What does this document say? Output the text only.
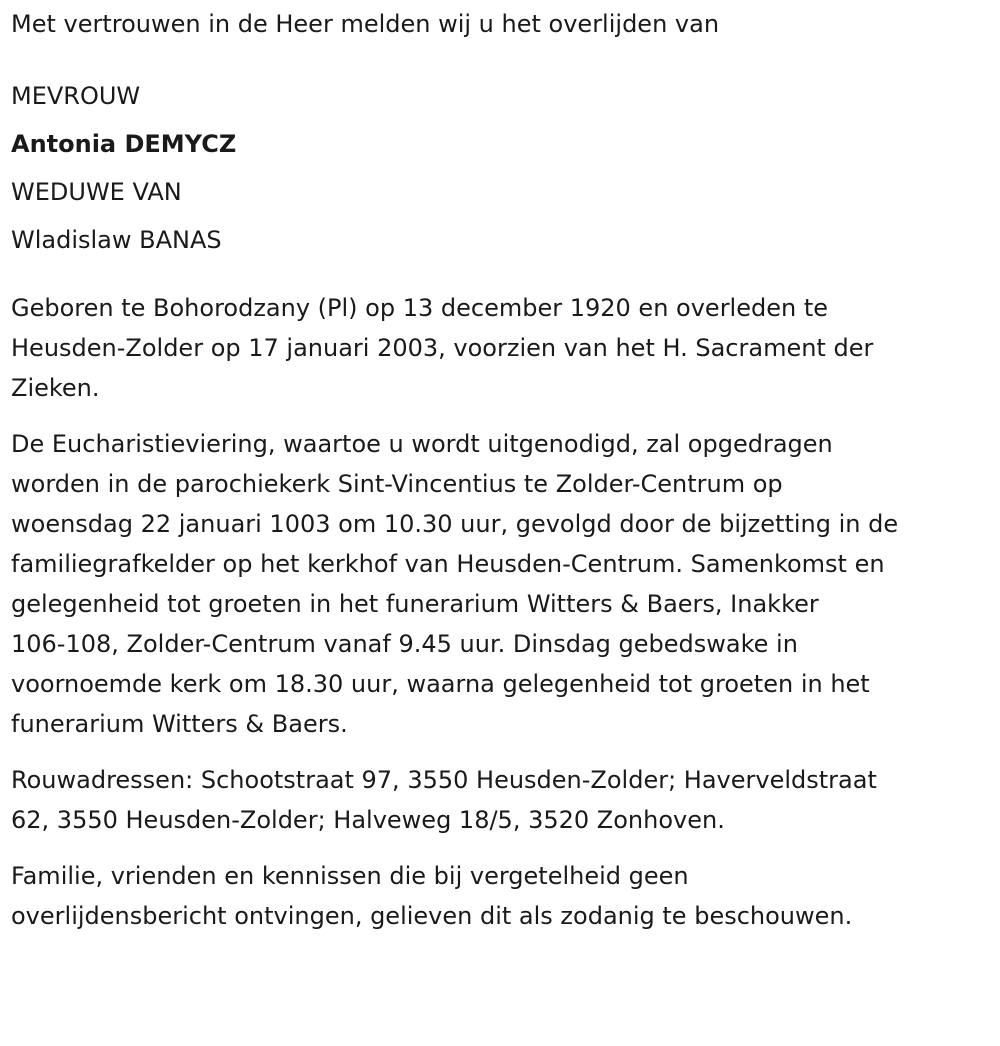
Met vertrouwen in de Heer melden wij u het overlijden van

MEVROUW

Antonia DEMYCZ

WEDUWE VAN

Wladislaw BANAS

Geboren te Bohorodzany (Pl) op 13 december 1920 en overleden te

Heusden-Zolder op 17 januari 2003, voorzien van het H. Sacrament der

Zieken.

De Eucharistieviering, waartoe u wordt uitgenodigd, zal opgedragen

worden in de parochiekerk Sint-Vincentius te Zolder-Centrum op

woensdag 22 januari 1003 om 10.30 uur, gevolgd door de bijzetting in de

familiegrafkelder op het kerkhof van Heusden-Centrum. Samenkomst en

gelegenheid tot groeten in het funerarium Witters & Baers, Inakker

106-108, Zolder-Centrum vanaf 9.45 uur. Dinsdag gebedswake in

voornoemde kerk om 18.30 uur, waarna gelegenheid tot groeten in het

funerarium Witters & Baers.

Rouwadressen: Schootstraat 97, 3550 Heusden-Zolder; Haverveldstraat

62, 3550 Heusden-Zolder; Halveweg 18/5, 3520 Zonhoven.

Familie, vrienden en kennissen die bij vergetelheid geen

overlijdensbericht ontvingen, gelieven dit als zodanig te beschouwen.
